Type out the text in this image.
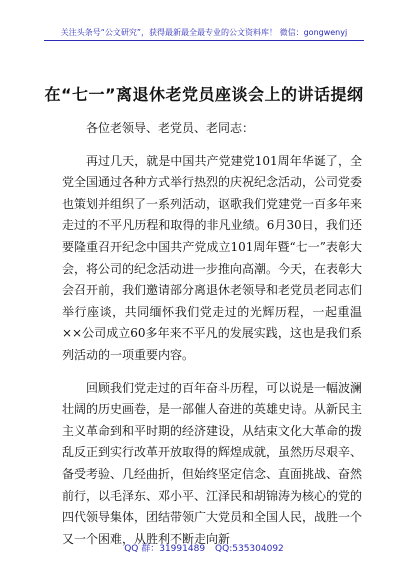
关注头条号“公文研究”，获得最新最全最专业的公文资料库！ 微信：gongwenyj
在“七一”离退休老党员座谈会上的讲话提纲

各位老领导、老党员、老同志：

再过几天，就是中国共产党建党101周年华诞了，全党全国通过各种方式举行热烈的庆祝纪念活动，公司党委也策划并组织了一系列活动，讴歌我们党建党一百多年来走过的不平凡历程和取得的非凡业绩。6月30日，我们还要隆重召开纪念中国共产党成立101周年暨“七一”表彰大会，将公司的纪念活动进一步推向高潮。今天，在表彰大会召开前，我们邀请部分离退休老领导和老党员老同志们举行座谈，共同缅怀我们党走过的光辉历程，一起重温××公司成立60多年来不平凡的发展实践，这也是我们系列活动的一项重要内容。

回顾我们党走过的百年奋斗历程，可以说是一幅波澜壮阔的历史画卷，是一部催人奋进的英雄史诗。从新民主主义革命到和平时期的经济建设，从结束文化大革命的拨乱反正到实行改革开放取得的辉煌成就，虽然历尽艰辛、备受考验、几经曲折，但始终坚定信念、直面挑战、奋然前行，以毛泽东、邓小平、江泽民和胡锦涛为核心的党的四代领导集体，团结带领广大党员和全国人民，战胜一个又一个困难，从胜利不断走向新

QQ 群：31991489 QQ:535304092
